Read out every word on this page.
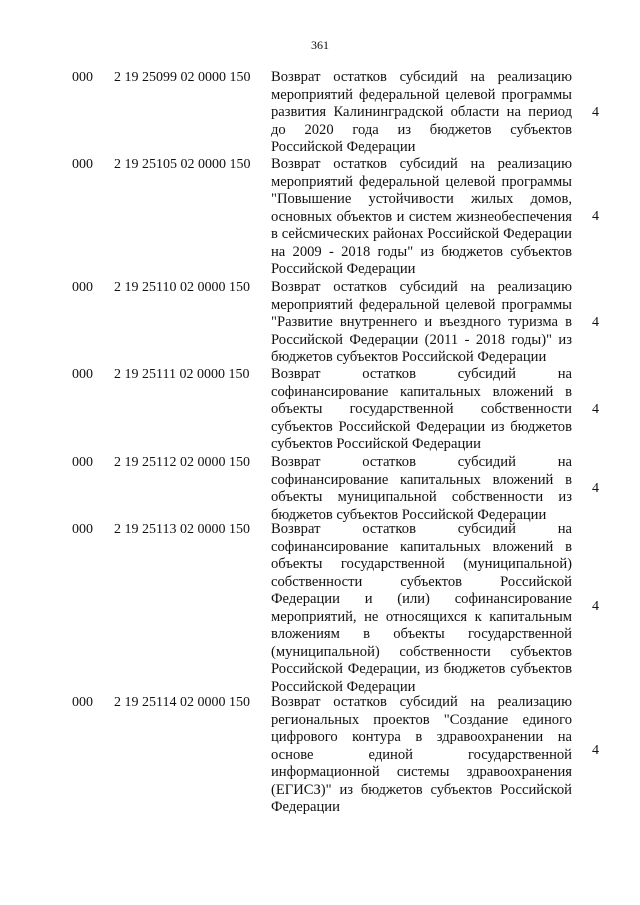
361
000 2 19 25099 02 0000 150 Возврат остатков субсидий на реализацию мероприятий федеральной целевой программы развития Калининградской области на период до 2020 года из бюджетов субъектов Российской Федерации
4
000 2 19 25105 02 0000 150 Возврат остатков субсидий на реализацию мероприятий федеральной целевой программы "Повышение устойчивости жилых домов, основных объектов и систем жизнеобеспечения в сейсмических районах Российской Федерации на 2009 - 2018 годы" из бюджетов субъектов Российской Федерации
4
000 2 19 25110 02 0000 150 Возврат остатков субсидий на реализацию мероприятий федеральной целевой программы "Развитие внутреннего и въездного туризма в Российской Федерации (2011 - 2018 годы)" из бюджетов субъектов Российской Федерации
4
000 2 19 25111 02 0000 150 Возврат остатков субсидий на софинансирование капитальных вложений в объекты государственной собственности субъектов Российской Федерации из бюджетов субъектов Российской Федерации
4
000 2 19 25112 02 0000 150 Возврат остатков субсидий на софинансирование капитальных вложений в объекты муниципальной собственности из бюджетов субъектов Российской Федерации
4
000 2 19 25113 02 0000 150 Возврат остатков субсидий на софинансирование капитальных вложений в объекты государственной (муниципальной) собственности субъектов Российской Федерации и (или) софинансирование мероприятий, не относящихся к капитальным вложениям в объекты государственной (муниципальной) собственности субъектов Российской Федерации, из бюджетов субъектов Российской Федерации
4
000 2 19 25114 02 0000 150 Возврат остатков субсидий на реализацию региональных проектов "Создание единого цифрового контура в здравоохранении на основе единой государственной информационной системы здравоохранения (ЕГИСЗ)" из бюджетов субъектов Российской Федерации
4
